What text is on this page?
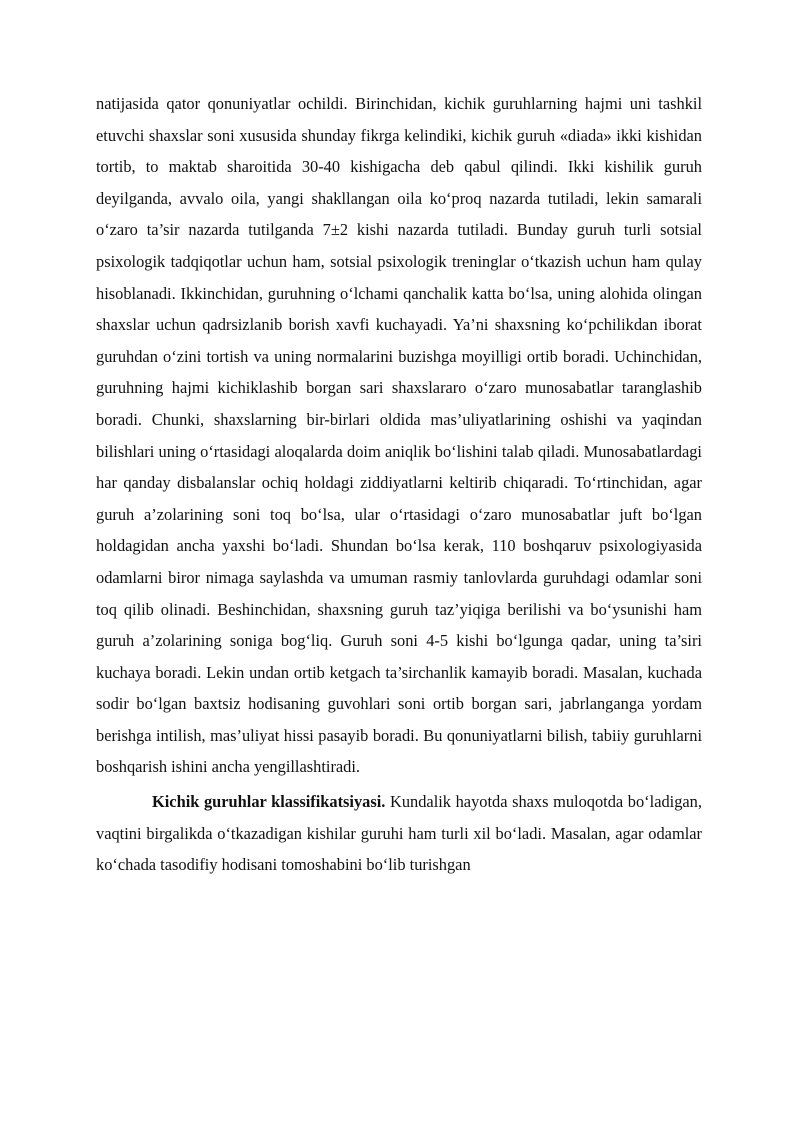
natijasida qator qonuniyatlar ochildi. Birinchidan, kichik guruhlarning hajmi uni tashkil etuvchi shaxslar soni xususida shunday fikrga kelindiki, kichik guruh «diada» ikki kishidan tortib, to maktab sharoitida 30-40 kishigacha deb qabul qilindi. Ikki kishilik guruh deyilganda, avvalo oila, yangi shakllangan oila ko‘proq nazarda tutiladi, lekin samarali o‘zaro ta’sir nazarda tutilganda 7±2 kishi nazarda tutiladi. Bunday guruh turli sotsial psixologik tadqiqotlar uchun ham, sotsial psixologik treninglar o‘tkazish uchun ham qulay hisoblanadi. Ikkinchidan, guruhning o‘lchami qanchalik katta bo‘lsa, uning alohida olingan shaxslar uchun qadrsizlanib borish xavfi kuchayadi. Ya’ni shaxsning ko‘pchilikdan iborat guruhdan o‘zini tortish va uning normalarini buzishga moyilligi ortib boradi. Uchinchidan, guruhning hajmi kichiklashib borgan sari shaxslararo o‘zaro munosabatlar taranglashib boradi. Chunki, shaxslarning bir-birlari oldida mas’uliyatlarining oshishi va yaqindan bilishlari uning o‘rtasidagi aloqalarda doim aniqlik bo‘lishini talab qiladi. Munosabatlardagi har qanday disbalanslar ochiq holdagi ziddiyatlarni keltirib chiqaradi. To‘rtinchidan, agar guruh a’zolarining soni toq bo‘lsa, ular o‘rtasidagi o‘zaro munosabatlar juft bo‘lgan holdagidan ancha yaxshi bo‘ladi. Shundan bo‘lsa kerak, 110 boshqaruv psixologiyasida odamlarni biror nimaga saylashda va umuman rasmiy tanlovlarda guruhdagi odamlar soni toq qilib olinadi. Beshinchidan, shaxsning guruh taz’yiqiga berilishi va bo‘ysunishi ham guruh a’zolarining soniga bog‘liq. Guruh soni 4-5 kishi bo‘lgunga qadar, uning ta’siri kuchaya boradi. Lekin undan ortib ketgach ta’sirchanlik kamayib boradi. Masalan, kuchada sodir bo‘lgan baxtsiz hodisaning guvohlari soni ortib borgan sari, jabrlanganga yordam berishga intilish, mas’uliyat hissi pasayib boradi. Bu qonuniyatlarni bilish, tabiiy guruhlarni boshqarish ishini ancha yengillashtiradi.

Kichik guruhlar klassifikatsiyasi. Kundalik hayotda shaxs muloqotda bo‘ladigan, vaqtini birgalikda o‘tkazadigan kishilar guruhi ham turli xil bo‘ladi. Masalan, agar odamlar ko‘chada tasodifiy hodisani tomoshabini bo‘lib turishgan
